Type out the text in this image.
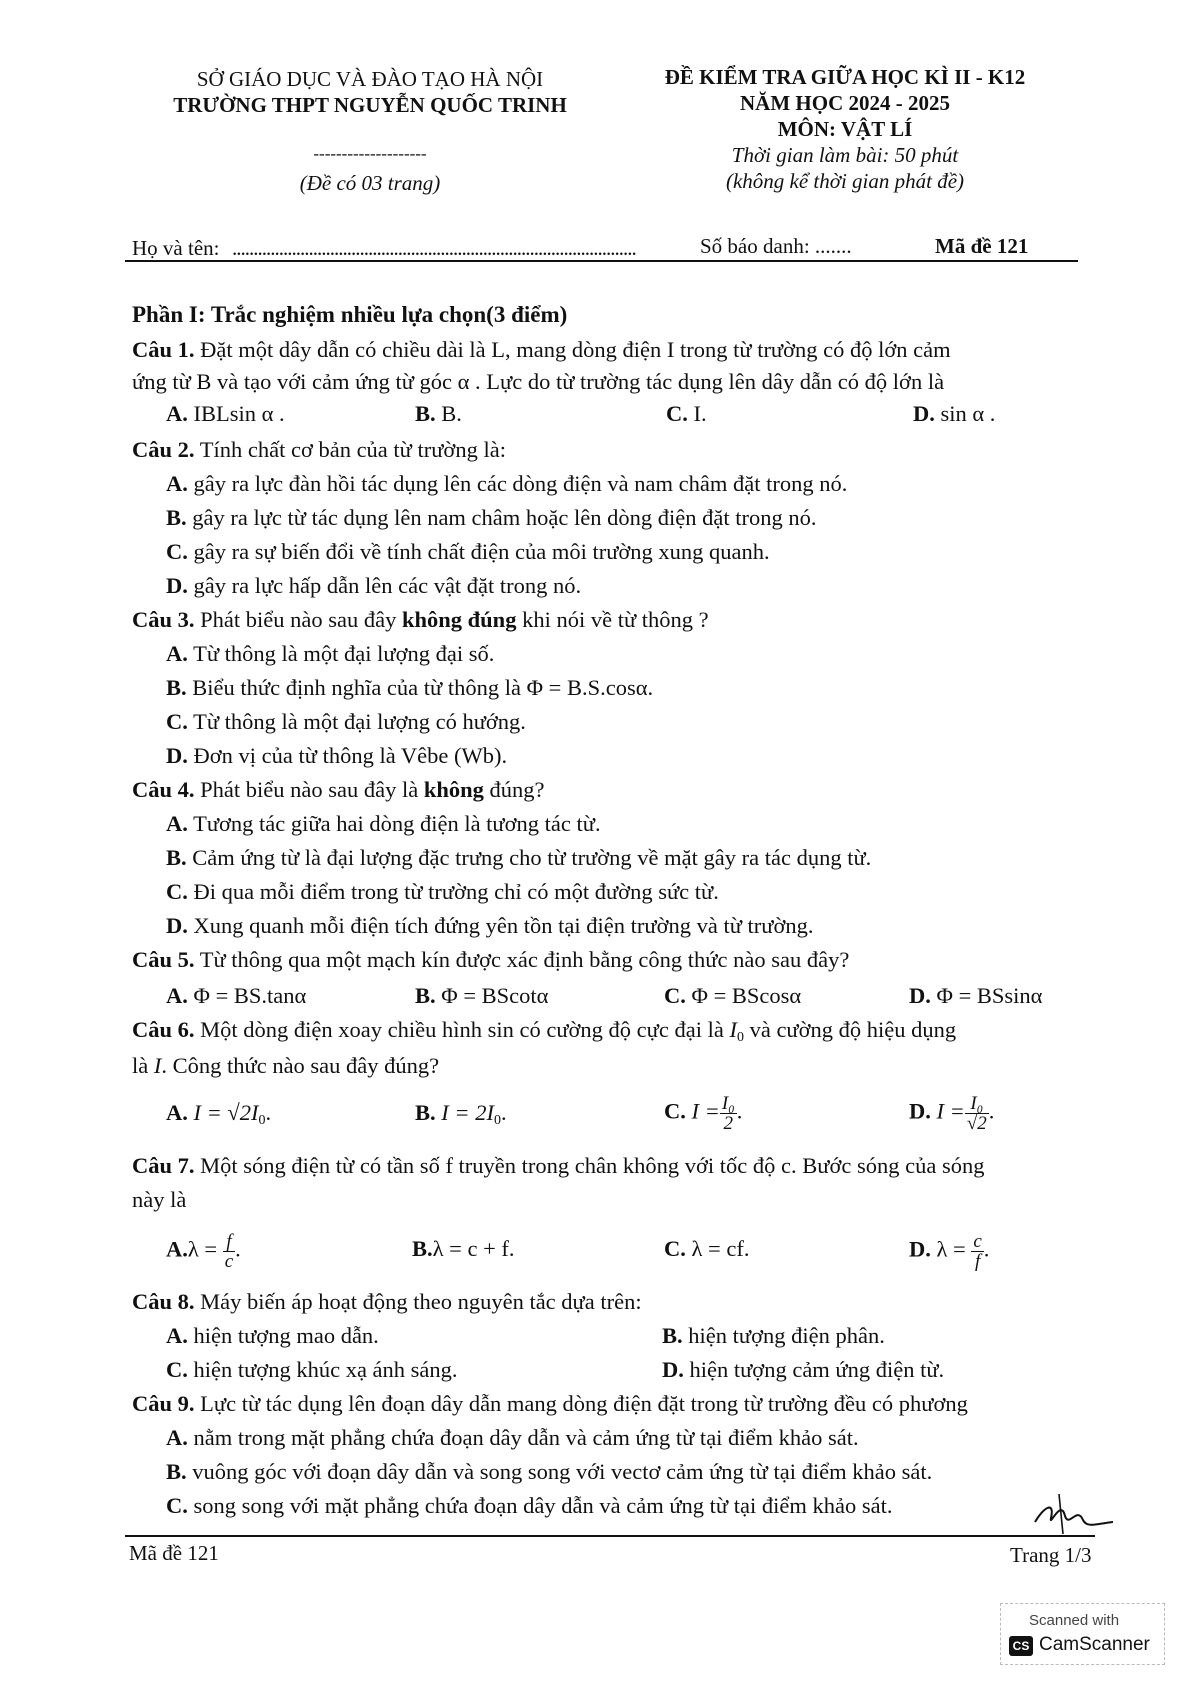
SỞ GIÁO DỤC VÀ ĐÀO TẠO HÀ NỘI
TRƯỜNG THPT NGUYỄN QUỐC TRINH
--------------------
(Đề có 03 trang)
ĐỀ KIỂM TRA GIỮA HỌC KÌ II - K12
NĂM HỌC 2024 - 2025
MÔN: VẬT LÍ
Thời gian làm bài: 50 phút
(không kể thời gian phát đề)
Họ và tên: ...............................................................................................	Số báo danh: .......	Mã đề 121
Phần I: Trắc nghiệm nhiều lựa chọn(3 điểm)
Câu 1. Đặt một dây dẫn có chiều dài là L, mang dòng điện I trong từ trường có độ lớn cảm
ứng từ B và tạo với cảm ứng từ góc α . Lực do từ trường tác dụng lên dây dẫn có độ lớn là
A. IBLsin α .	B. B.	C. I.	D. sin α .
Câu 2. Tính chất cơ bản của từ trường là:
A. gây ra lực đàn hồi tác dụng lên các dòng điện và nam châm đặt trong nó.
B. gây ra lực từ tác dụng lên nam châm hoặc lên dòng điện đặt trong nó.
C. gây ra sự biến đổi về tính chất điện của môi trường xung quanh.
D. gây ra lực hấp dẫn lên các vật đặt trong nó.
Câu 3. Phát biểu nào sau đây không đúng khi nói về từ thông ?
A. Từ thông là một đại lượng đại số.
B. Biểu thức định nghĩa của từ thông là Φ = B.S.cosα.
C. Từ thông là một đại lượng có hướng.
D. Đơn vị của từ thông là Vêbe (Wb).
Câu 4. Phát biểu nào sau đây là không đúng?
A. Tương tác giữa hai dòng điện là tương tác từ.
B. Cảm ứng từ là đại lượng đặc trưng cho từ trường về mặt gây ra tác dụng từ.
C. Đi qua mỗi điểm trong từ trường chỉ có một đường sức từ.
D. Xung quanh mỗi điện tích đứng yên tồn tại điện trường và từ trường.
Câu 5. Từ thông qua một mạch kín được xác định bằng công thức nào sau đây?
A. Φ = BS.tanα	B. Φ = BScotα	C. Φ = BScosα	D. Φ = BSsinα
Câu 6. Một dòng điện xoay chiều hình sin có cường độ cực đại là $I_0$ và cường độ hiệu dụng
là I. Công thức nào sau đây đúng?
A. $I = √2I_0$.	B. $I = 2I_0$.	C. $I = \frac{\text{I₀}}{2}$ .	D. $I = \frac{\text{I₀}}{√2}$ .
Câu 7. Một sóng điện từ có tần số f truyền trong chân không với tốc độ c. Bước sóng của sóng
này là
$A.\lambda = \frac{f}{c}$ .	B.λ = c + f.	C. λ = cf.	D. $\lambda = \frac{c}{f}$ .
Câu 8. Máy biến áp hoạt động theo nguyên tắc dựa trên:
A. hiện tượng mao dẫn.	B. hiện tượng điện phân.
C. hiện tượng khúc xạ ánh sáng.	D. hiện tượng cảm ứng điện từ.
Câu 9. Lực từ tác dụng lên đoạn dây dẫn mang dòng điện đặt trong từ trường đều có phương
A. nằm trong mặt phẳng chứa đoạn dây dẫn và cảm ứng từ tại điểm khảo sát.
B. vuông góc với đoạn dây dẫn và song song với vectơ cảm ứng từ tại điểm khảo sát.
C. song song với mặt phẳng chứa đoạn dây dẫn và cảm ứng từ tại điểm khảo sát.
Mã đề 121	Trang 1/3
Scanned with
CS CamScanner
